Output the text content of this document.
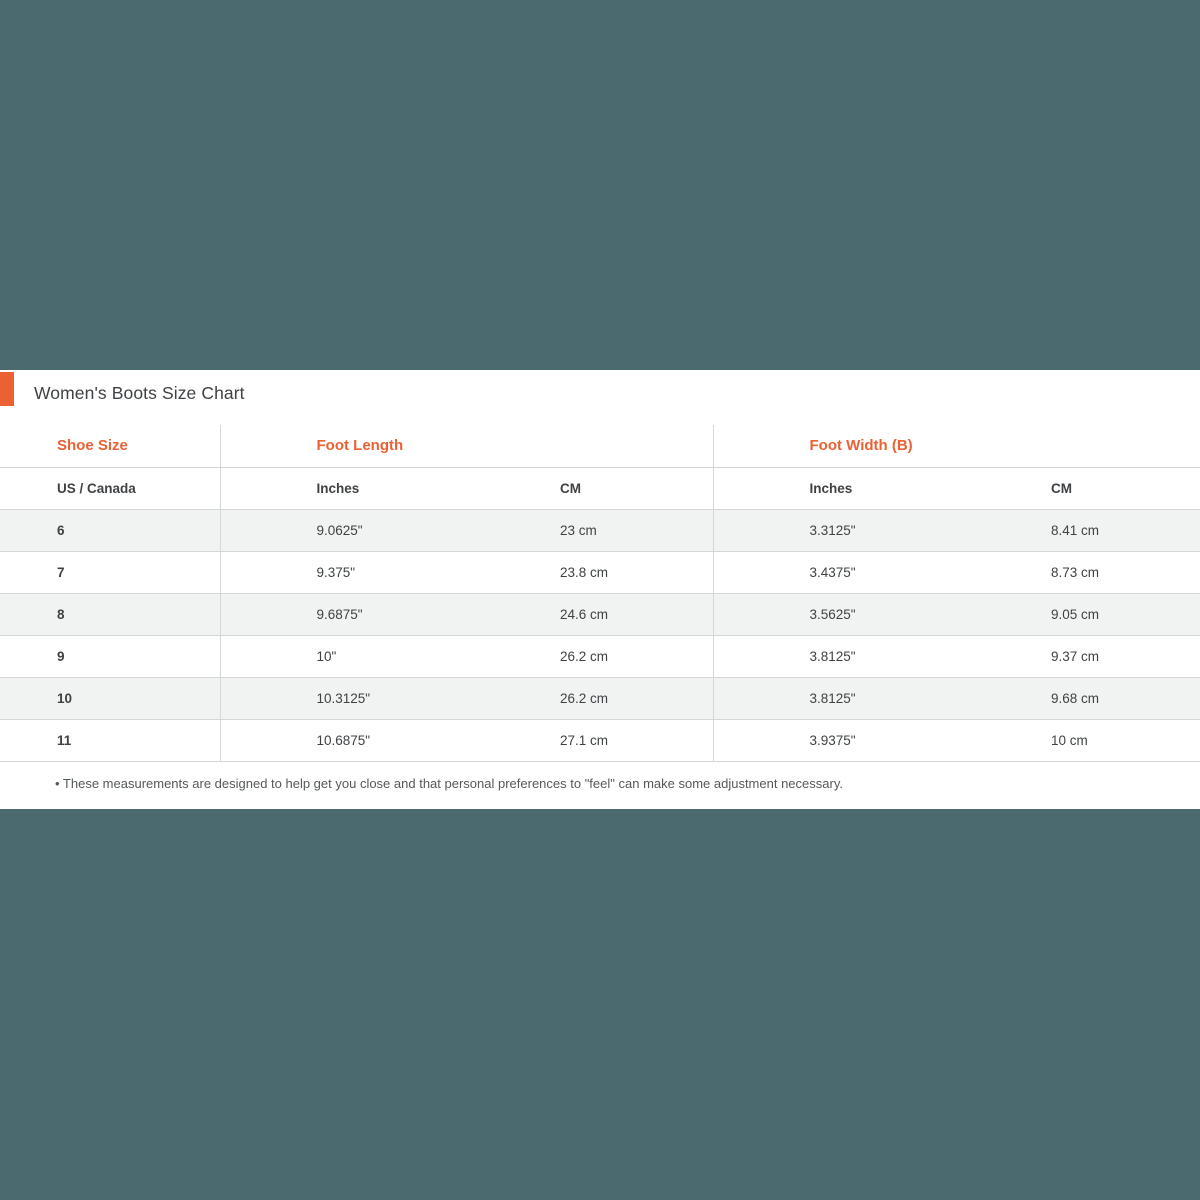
Women's Boots Size Chart
Shoe Size	Foot Length		Foot Width (B)	
US / Canada	Inches	CM	Inches	CM
6	9.0625"	23 cm	3.3125"	8.41 cm
7	9.375"	23.8 cm	3.4375"	8.73 cm
8	9.6875"	24.6 cm	3.5625"	9.05 cm
9	10"	26.2 cm	3.8125"	9.37 cm
10	10.3125"	26.2 cm	3.8125"	9.68 cm
11	10.6875"	27.1 cm	3.9375"	10 cm
• These measurements are designed to help get you close and that personal preferences to "feel" can make some adjustment necessary.
